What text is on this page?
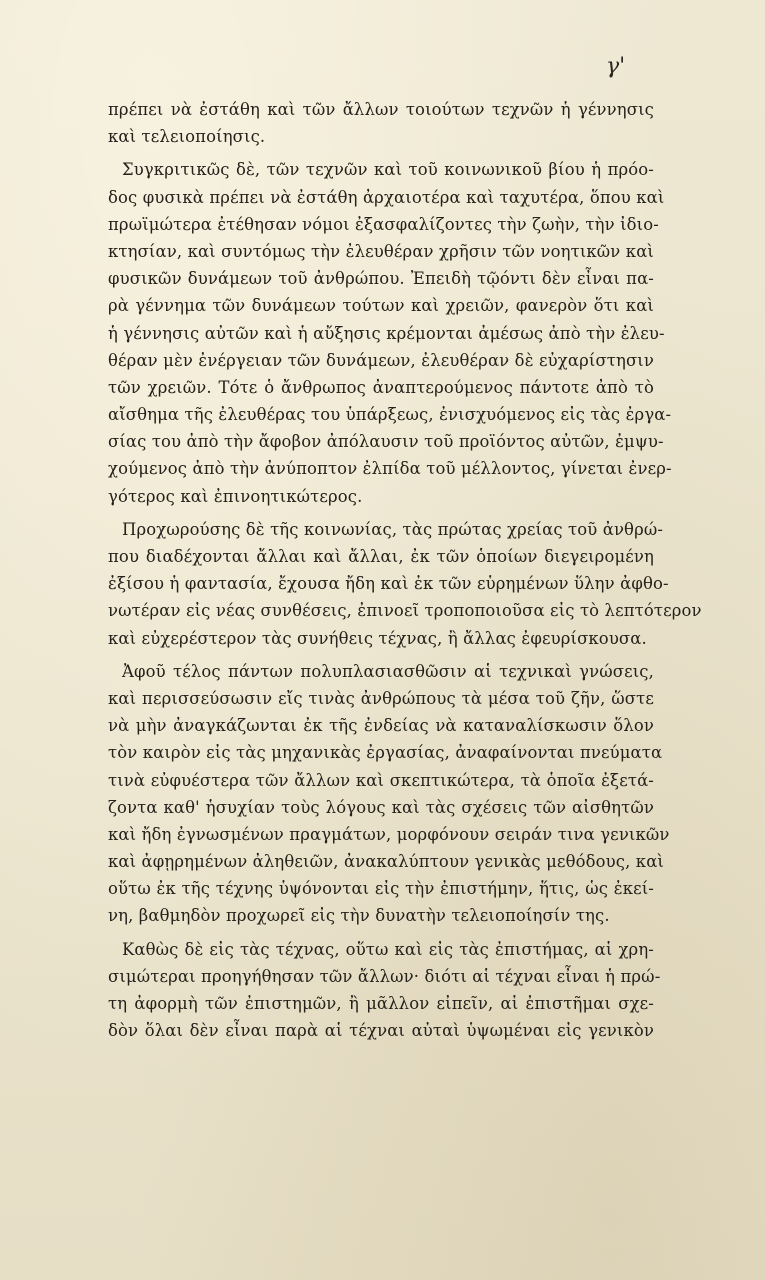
γ'
πρέπει νὰ ἐστάθη καὶ τῶν ἄλλων τοιούτων τεχνῶν ἡ γέννησις
καὶ τελειοποίησις.
Συγκριτικῶς δὲ, τῶν τεχνῶν καὶ τοῦ κοινωνικοῦ βίου ἡ πρόο-
δος φυσικὰ πρέπει νὰ ἐστάθη ἀρχαιοτέρα καὶ ταχυτέρα, ὅπου καὶ
πρωϊμώτερα ἐτέθησαν νόμοι ἐξασφαλίζοντες τὴν ζωὴν, τὴν ἰδιο-
κτησίαν, καὶ συντόμως τὴν ἐλευθέραν χρῆσιν τῶν νοητικῶν καὶ
φυσικῶν δυνάμεων τοῦ ἀνθρώπου. Ἐπειδὴ τῷόντι δὲν εἶναι πα-
ρὰ γέννημα τῶν δυνάμεων τούτων καὶ χρειῶν, φανερὸν ὅτι καὶ
ἡ γέννησις αὐτῶν καὶ ἡ αὔξησις κρέμονται ἀμέσως ἀπὸ τὴν ἐλευ-
θέραν μὲν ἐνέργειαν τῶν δυνάμεων, ἐλευθέραν δὲ εὐχαρίστησιν
τῶν χρειῶν. Τότε ὁ ἄνθρωπος ἀναπτερούμενος πάντοτε ἀπὸ τὸ
αἴσθημα τῆς ἐλευθέρας του ὑπάρξεως, ἐνισχυόμενος εἰς τὰς ἐργα-
σίας του ἀπὸ τὴν ἄφοβον ἀπόλαυσιν τοῦ προϊόντος αὐτῶν, ἐμψυ-
χούμενος ἀπὸ τὴν ἀνύποπτον ἐλπίδα τοῦ μέλλοντος, γίνεται ἐνερ-
γότερος καὶ ἐπινοητικώτερος.
Προχωρούσης δὲ τῆς κοινωνίας, τὰς πρώτας χρείας τοῦ ἀνθρώ-
που διαδέχονται ἄλλαι καὶ ἄλλαι, ἐκ τῶν ὁποίων διεγειρομένη
ἐξίσου ἡ φαντασία, ἔχουσα ἤδη καὶ ἐκ τῶν εὑρημένων ὕλην ἀφθο-
νωτέραν εἰς νέας συνθέσεις, ἐπινοεῖ τροποποιοῦσα εἰς τὸ λεπτότερον
καὶ εὐχερέστερον τὰς συνήθεις τέχνας, ἢ ἄλλας ἐφευρίσκουσα.
Ἀφοῦ τέλος πάντων πολυπλασιασθῶσιν αἱ τεχνικαὶ γνώσεις,
καὶ περισσεύσωσιν εἴς τινὰς ἀνθρώπους τὰ μέσα τοῦ ζῆν, ὥστε
νὰ μὴν ἀναγκάζωνται ἐκ τῆς ἐνδείας νὰ καταναλίσκωσιν ὅλον
τὸν καιρὸν εἰς τὰς μηχανικὰς ἐργασίας, ἀναφαίνονται πνεύματα
τινὰ εὐφυέστερα τῶν ἄλλων καὶ σκεπτικώτερα, τὰ ὁποῖα ἐξετά-
ζοντα καθ' ἡσυχίαν τοὺς λόγους καὶ τὰς σχέσεις τῶν αἰσθητῶν
καὶ ἤδη ἐγνωσμένων πραγμάτων, μορφόνουν σειράν τινα γενικῶν
καὶ ἀφῃρημένων ἀληθειῶν, ἀνακαλύπτουν γενικὰς μεθόδους, καὶ
οὕτω ἐκ τῆς τέχνης ὑψόνονται εἰς τὴν ἐπιστήμην, ἥτις, ὡς ἐκεί-
νη, βαθμηδὸν προχωρεῖ εἰς τὴν δυνατὴν τελειοποίησίν της.
Καθὼς δὲ εἰς τὰς τέχνας, οὕτω καὶ εἰς τὰς ἐπιστήμας, αἱ χρη-
σιμώτεραι προηγήθησαν τῶν ἄλλων· διότι αἱ τέχναι εἶναι ἡ πρώ-
τη ἀφορμὴ τῶν ἐπιστημῶν, ἢ μᾶλλον εἰπεῖν, αἱ ἐπιστῆμαι σχε-
δὸν ὅλαι δὲν εἶναι παρὰ αἱ τέχναι αὐταὶ ὑψωμέναι εἰς γενικὸν
